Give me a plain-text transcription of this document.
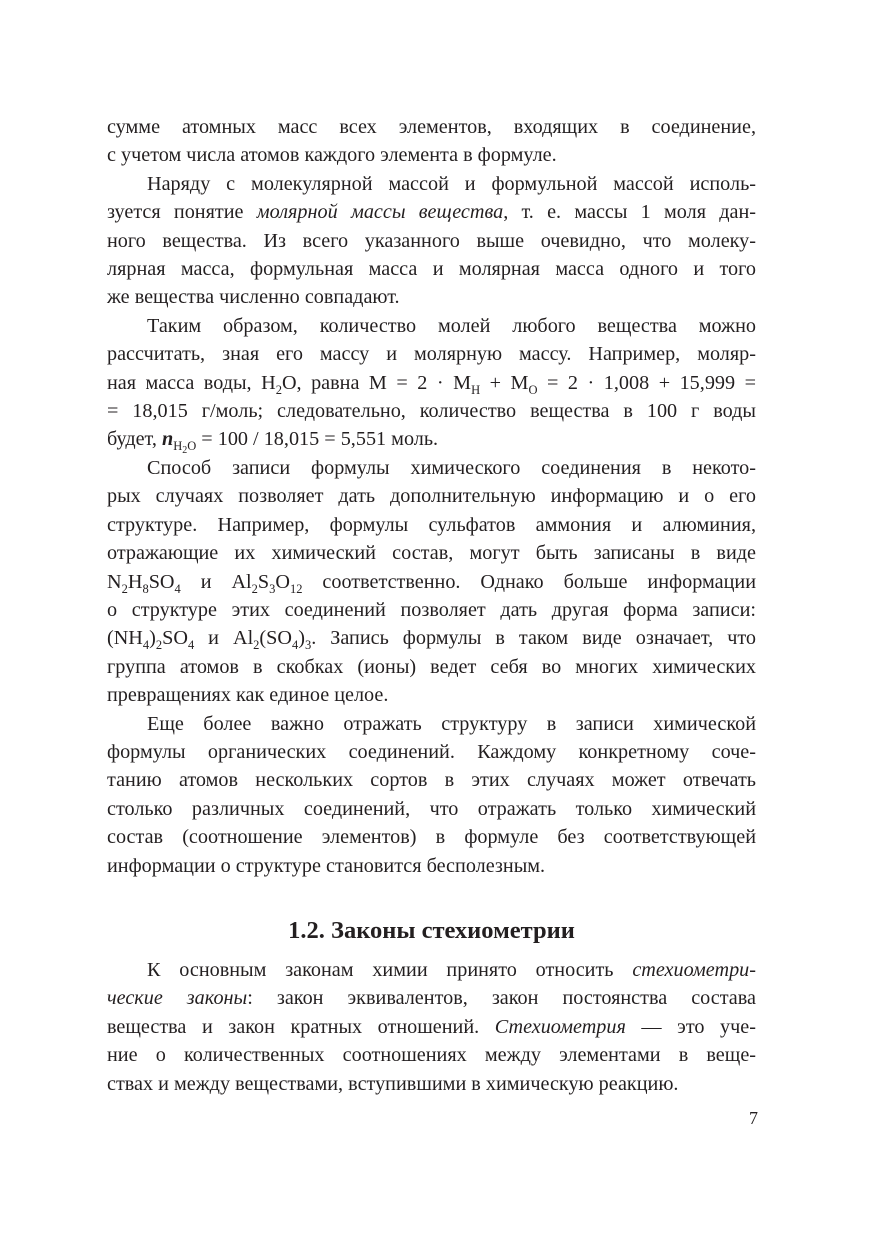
сумме атомных масс всех элементов, входящих в соединение,

с учетом числа атомов каждого элемента в формуле.

Наряду с молекулярной массой и формульной массой исполь-

зуется понятие молярной массы вещества, т. е. массы 1 моля дан-

ного вещества. Из всего указанного выше очевидно, что молеку-

лярная масса, формульная масса и молярная масса одного и того

же вещества численно совпадают.

Таким образом, количество молей любого вещества можно

рассчитать, зная его массу и молярную массу. Например, моляр-

ная масса воды, $H_2O$, равна $M = 2 \cdot M_H + M_O = 2 \cdot 1,008 + 15,999$ =

= 18,015 г/моль; следовательно, количество вещества в 100 г воды

будет, $n_{H_2O} = 100 / 18,015 = 5,551$ моль.

Способ записи формулы химического соединения в некото-

рых случаях позволяет дать дополнительную информацию и о его

структуре. Например, формулы сульфатов аммония и алюминия,

отражающие их химический состав, могут быть записаны в виде

$N_2H_8SO_4$ и $Al_2S_3O_{12}$ соответственно. Однако больше информации

о структуре этих соединений позволяет дать другая форма записи:

$(NH_4)_2SO_4$ и $Al_2(SO_4)_3$. Запись формулы в таком виде означает, что

группа атомов в скобках (ионы) ведет себя во многих химических

превращениях как единое целое.

Еще более важно отражать структуру в записи химической

формулы органических соединений. Каждому конкретному соче-

танию атомов нескольких сортов в этих случаях может отвечать

столько различных соединений, что отражать только химический

состав (соотношение элементов) в формуле без соответствующей

информации о структуре становится бесполезным.

1.2. Законы стехиометрии

К основным законам химии принято относить стехиометри-

ческие законы: закон эквивалентов, закон постоянства состава

вещества и закон кратных отношений. Стехиометрия — это уче-

ние о количественных соотношениях между элементами в веще-

ствах и между веществами, вступившими в химическую реакцию.

7
